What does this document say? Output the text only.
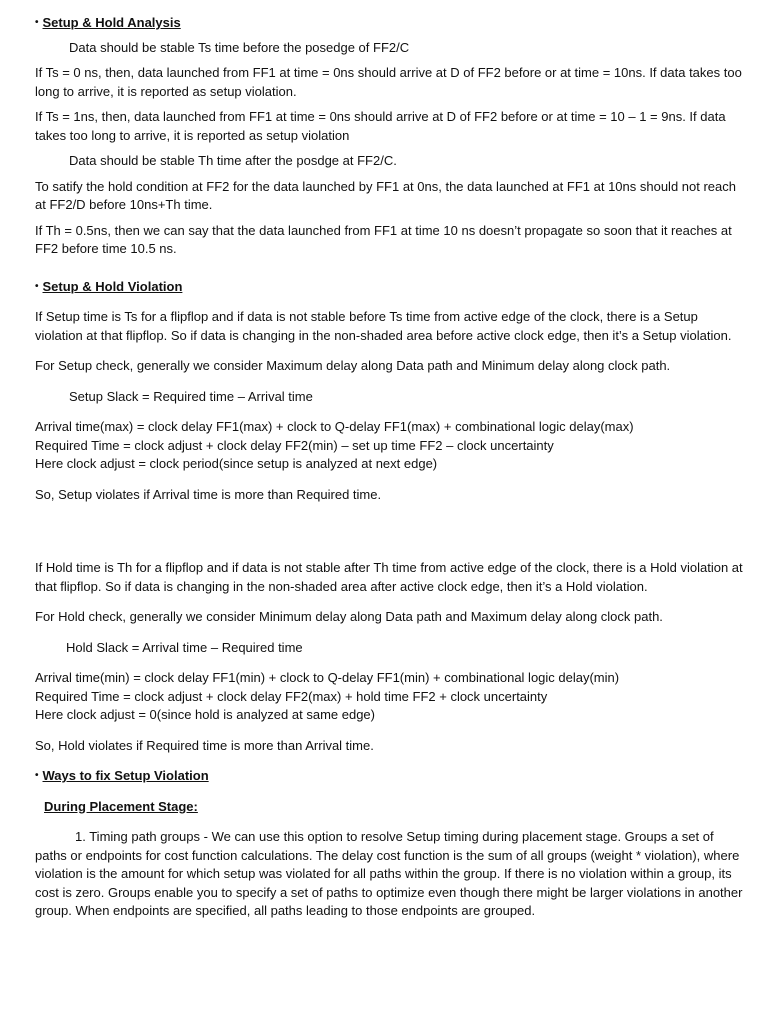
• Setup & Hold Analysis

Data should be stable Ts time before the posedge of FF2/C

If Ts = 0 ns, then, data launched from FF1 at time = 0ns should arrive at D of FF2 before or at time = 10ns. If data takes too long to arrive, it is reported as setup violation.

If Ts = 1ns, then, data launched from FF1 at time = 0ns should arrive at D of FF2 before or at time = 10 – 1 = 9ns. If data takes too long to arrive, it is reported as setup violation

Data should be stable Th time after the posdge at FF2/C.

To satify the hold condition at FF2 for the data launched by FF1 at 0ns, the data launched at FF1 at 10ns should not reach at FF2/D before 10ns+Th time.

If Th = 0.5ns, then we can say that the data launched from FF1 at time 10 ns doesn’t propagate so soon that it reaches at FF2 before time 10.5 ns.

• Setup & Hold Violation

If Setup time is Ts for a flipflop and if data is not stable before Ts time from active edge of the clock, there is a Setup violation at that flipflop. So if data is changing in the non-shaded area before active clock edge, then it’s a Setup violation.

For Setup check, generally we consider Maximum delay along Data path and Minimum delay along clock path.

Setup Slack = Required time – Arrival time

Arrival time(max) = clock delay FF1(max) + clock to Q-delay FF1(max) + combinational logic delay(max)

Required Time = clock adjust + clock delay FF2(min) – set up time FF2 – clock uncertainty

Here clock adjust = clock period(since setup is analyzed at next edge)

So, Setup violates if Arrival time is more than Required time.

If Hold time is Th for a flipflop and if data is not stable after Th time from active edge of the clock, there is a Hold violation at that flipflop. So if data is changing in the non-shaded area after active clock edge, then it’s a Hold violation.

For Hold check, generally we consider Minimum delay along Data path and Maximum delay along clock path.

Hold Slack = Arrival time – Required time

Arrival time(min) = clock delay FF1(min) + clock to Q-delay FF1(min) + combinational logic delay(min)

Required Time = clock adjust + clock delay FF2(max) + hold time FF2 + clock uncertainty

Here clock adjust = 0(since hold is analyzed at same edge)

So, Hold violates if Required time is more than Arrival time.

• Ways to fix Setup Violation
During Placement Stage:

1. Timing path groups - We can use this option to resolve Setup timing during placement stage. Groups a set of paths or endpoints for cost function calculations. The delay cost function is the sum of all groups (weight * violation), where violation is the amount for which setup was violated for all paths within the group. If there is no violation within a group, its cost is zero. Groups enable you to specify a set of paths to optimize even though there might be larger violations in another group. When endpoints are specified, all paths leading to those endpoints are grouped.
